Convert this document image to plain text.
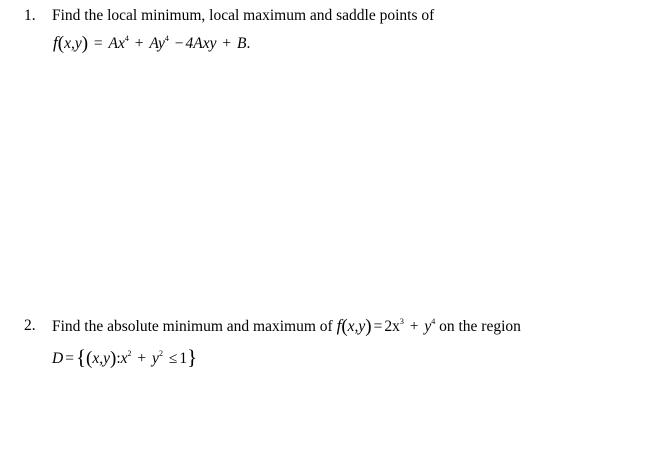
1. Find the local minimum, local maximum and saddle points of
$f(x,y) = Ax^4 + Ay^4 - 4Axy + B$.
2. Find the absolute minimum and maximum of $f(x,y) = 2x^3 + y^4$ on the region
$D =\{(x,y):x^2 + y^2 \le 1\}$
